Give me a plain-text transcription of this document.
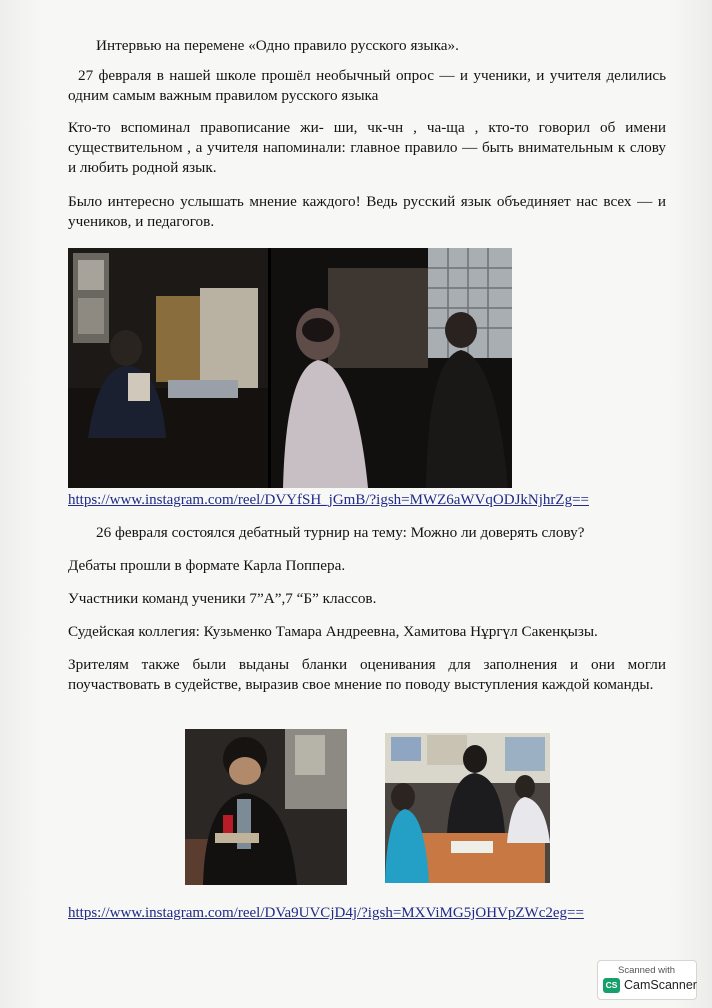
Интервью на перемене «Одно правило русского языка».

27 февраля в нашей школе прошёл необычный опрос — и ученики, и учителя делились одним самым важным правилом русского языка

Кто-то вспоминал правописание жи- ши, чк-чн , ча-ща , кто-то говорил об имени существительном , а учителя напоминали: главное правило — быть внимательным к слову и любить родной язык.

Было интересно услышать мнение каждого! Ведь русский язык объединяет нас всех — и учеников, и педагогов.

https://www.instagram.com/reel/DVYfSH_jGmB/?igsh=MWZ6aWVqODJkNjhrZg==

26 февраля состоялся дебатный турнир на тему: Можно ли доверять слову?

Дебаты прошли в формате Карла Поппера.

Участники команд ученики 7”А”,7 “Б” классов.

Судейская коллегия: Кузьменко Тамара Андреевна, Хамитова Нұргүл Сакенқызы.

Зрителям также были выданы бланки оценивания для заполнения и они могли поучаствовать в судействе, выразив свое мнение по поводу выступления каждой команды.

https://www.instagram.com/reel/DVa9UVCjD4j/?igsh=MXViMG5jOHVpZWc2eg==
Scanned with
CS CamScanner
